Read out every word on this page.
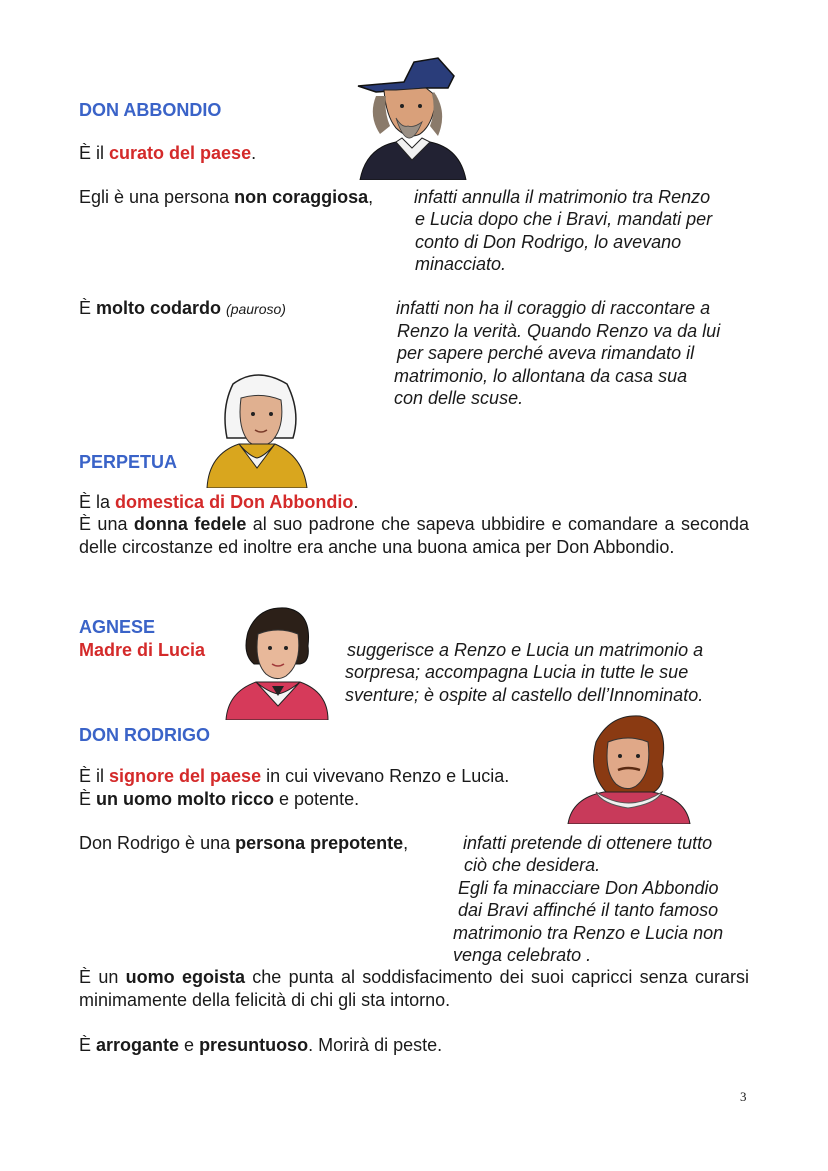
DON ABBONDIO
È il curato del paese.
Egli è una persona non coraggiosa, infatti annulla il matrimonio tra Renzo
e Lucia dopo che i Bravi, mandati per
conto di Don Rodrigo, lo avevano
minacciato.
È molto codardo (pauroso)	infatti non ha il coraggio di raccontare a
Renzo la verità. Quando Renzo va da lui
per sapere perché aveva rimandato il
matrimonio, lo allontana da casa sua
con delle scuse.
PERPETUA
È la domestica di Don Abbondio.
È una donna fedele al suo padrone che sapeva ubbidire e comandare a seconda delle circostanze ed inoltre era anche una buona amica per Don Abbondio.
AGNESE
Madre di Lucia	suggerisce a Renzo e Lucia un matrimonio a
sorpresa; accompagna Lucia in tutte le sue
sventure; è ospite al castello dell’Innominato.
DON RODRIGO
È il signore del paese in cui vivevano Renzo e Lucia.
È un uomo molto ricco e potente.
Don Rodrigo è una persona prepotente,	infatti pretende di ottenere tutto
ciò che desidera.
Egli fa minacciare Don Abbondio
dai Bravi affinché il tanto famoso
matrimonio tra Renzo e Lucia non
venga celebrato .
È un uomo egoista che punta al soddisfacimento dei suoi capricci senza curarsi minimamente della felicità di chi gli sta intorno.
È arrogante e presuntuoso. Morirà di peste.
3
